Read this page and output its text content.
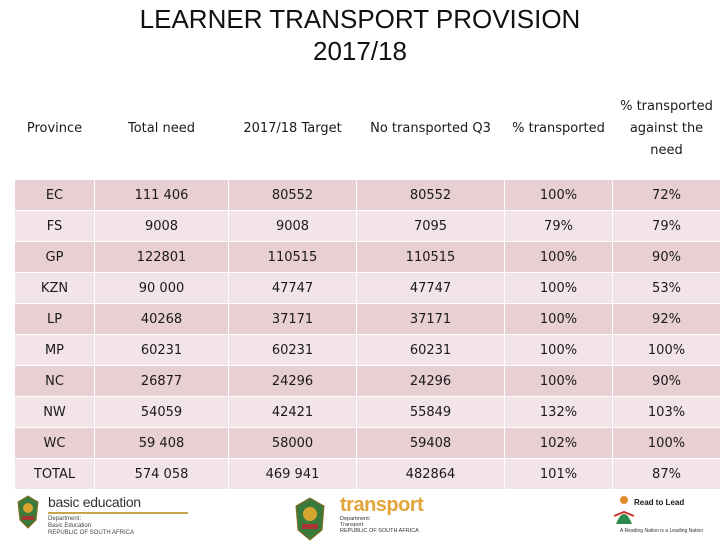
LEARNER TRANSPORT PROVISION
2017/18
Province	Total need	2017/18 Target	No transported Q3	% transported	% transported against the need
EC	111 406	80552	80552	100%	72%
FS	9008	9008	7095	79%	79%
GP	122801	110515	110515	100%	90%
KZN	90 000	47747	47747	100%	53%
LP	40268	37171	37171	100%	92%
MP	60231	60231	60231	100%	100%
NC	26877	24296	24296	100%	90%
NW	54059	42421	55849	132%	103%
WC	59 408	58000	59408	102%	100%
TOTAL	574 058	469 941	482864	101%	87%
basic education
Department:
Basic Education
REPUBLIC OF SOUTH AFRICA
transport
Department:
Transport
REPUBLIC OF SOUTH AFRICA
Read to Lead
A Reading Nation is a Leading Nation
